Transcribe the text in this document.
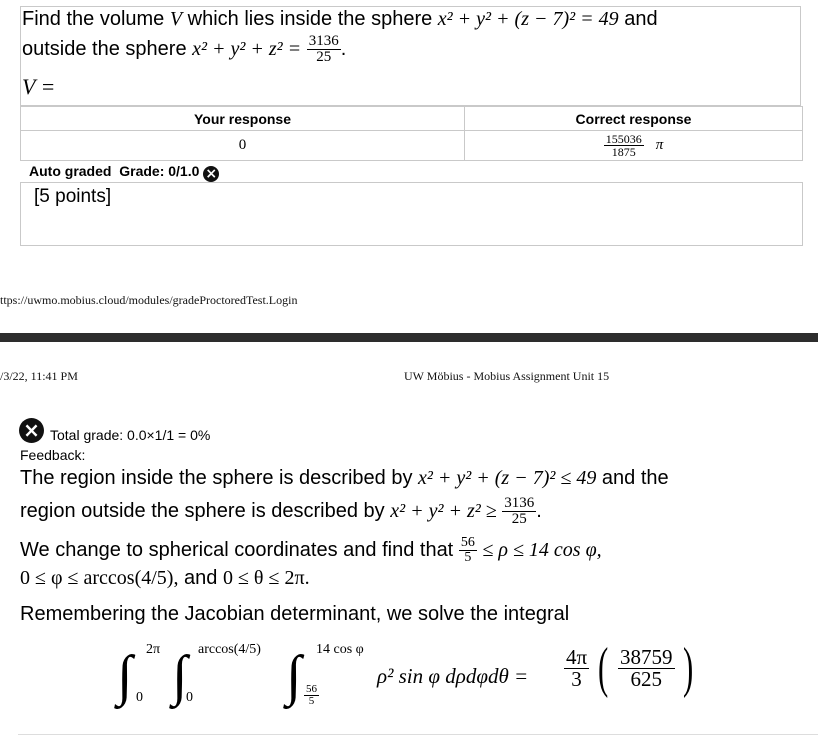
Find the volume V which lies inside the sphere x² + y² + (z − 7)² = 49 and
outside the sphere $x^2 + y^2 + z^2 = \frac{3136}{25}$ .
V =
Your response	Correct response
0	$\frac{155036}{1875}$ π
Auto graded Grade: 0/1.0 ×
[5 points]
ttps://uwmo.mobius.cloud/modules/gradeProctoredTest.Login
/3/22, 11:41 PM	UW Möbius - Mobius Assignment Unit 15
× Total grade: 0.0×1/1 = 0%
Feedback:
The region inside the sphere is described by x² + y² + (z − 7)² ≤ 49 and the
region outside the sphere is described by $x^2 + y^2 + z^2 \ge \frac{3136}{25}$ .
We change to spherical coordinates and find that $\frac{56}{5} \le \rho \le 14$ cos φ,
0 ≤ φ ≤ arccos(4/5), and 0 ≤ θ ≤ 2π.
Remembering the Jacobian determinant, we solve the integral
∫ 2π
0 ∫ arccos(4/5)
0 ∫ 14 cos φ
$\frac{56}{5}$
ρ² sin φ $d\rho d\varphi d\theta = \frac{4\pi}{3}$ ( $\frac{38759}{625}$ )
